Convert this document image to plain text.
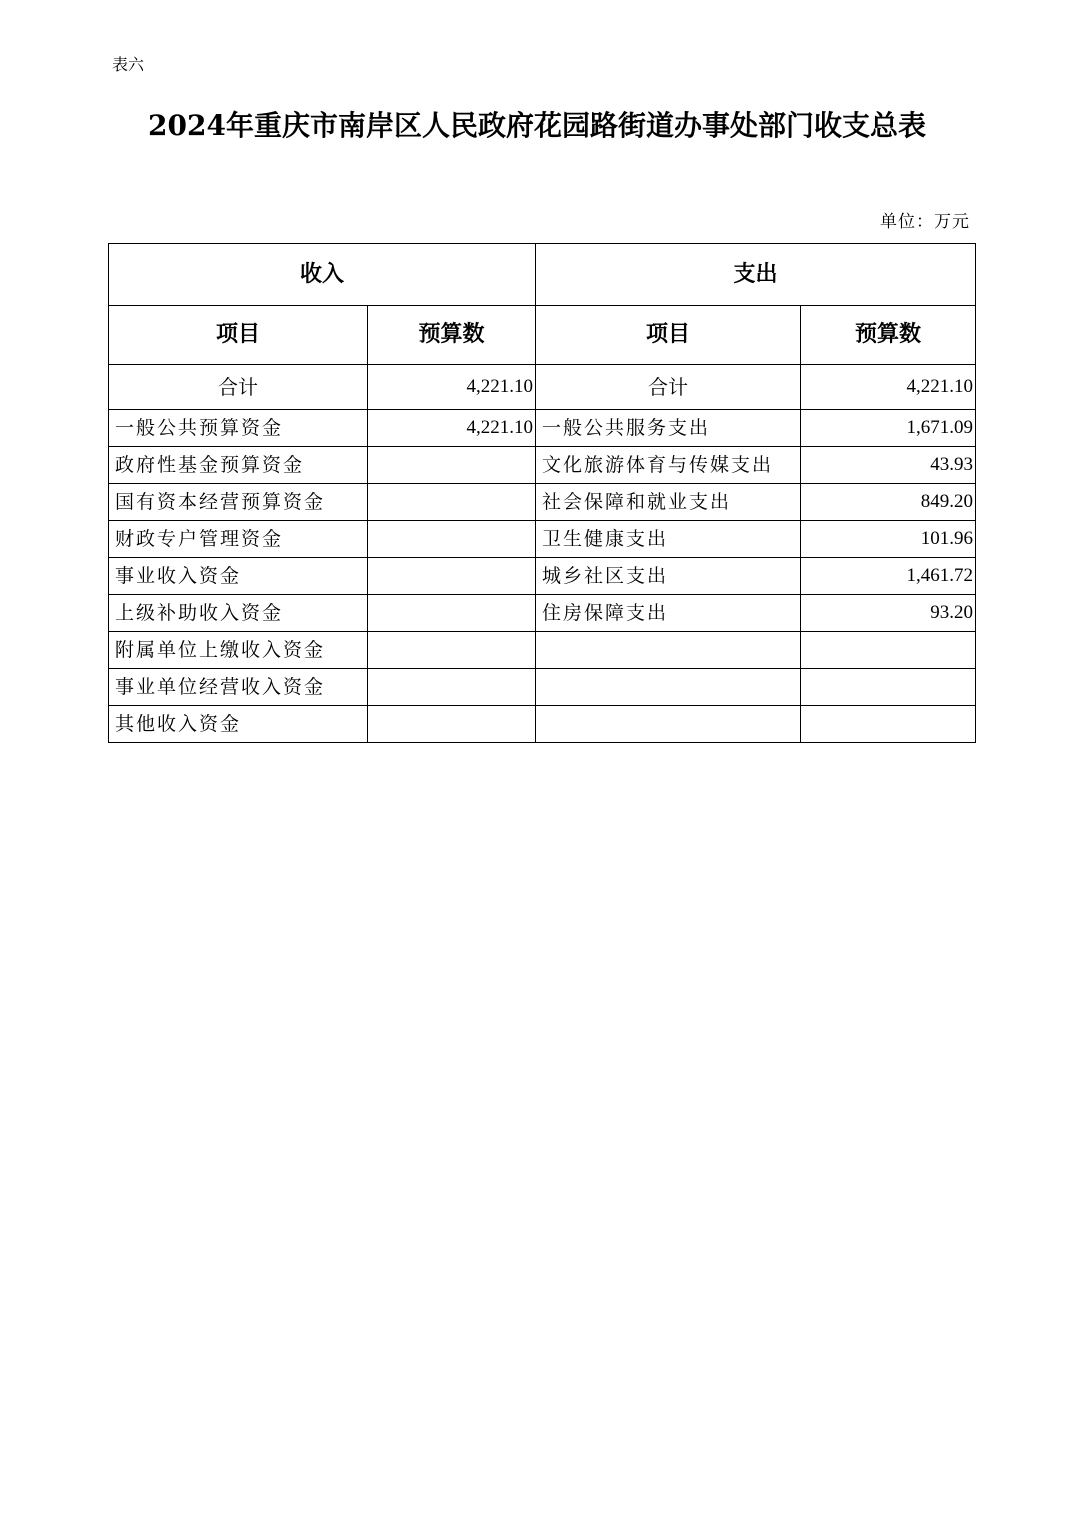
表六
2024年重庆市南岸区人民政府花园路街道办事处部门收支总表
单位：万元
收入		支出	
项目	预算数	项目	预算数
合计	4,221.10	合计	4,221.10
一般公共预算资金	4,221.10	一般公共服务支出	1,671.09
政府性基金预算资金		文化旅游体育与传媒支出	43.93
国有资本经营预算资金		社会保障和就业支出	849.20
财政专户管理资金		卫生健康支出	101.96
事业收入资金		城乡社区支出	1,461.72
上级补助收入资金		住房保障支出	93.20
附属单位上缴收入资金			
事业单位经营收入资金			
其他收入资金			
